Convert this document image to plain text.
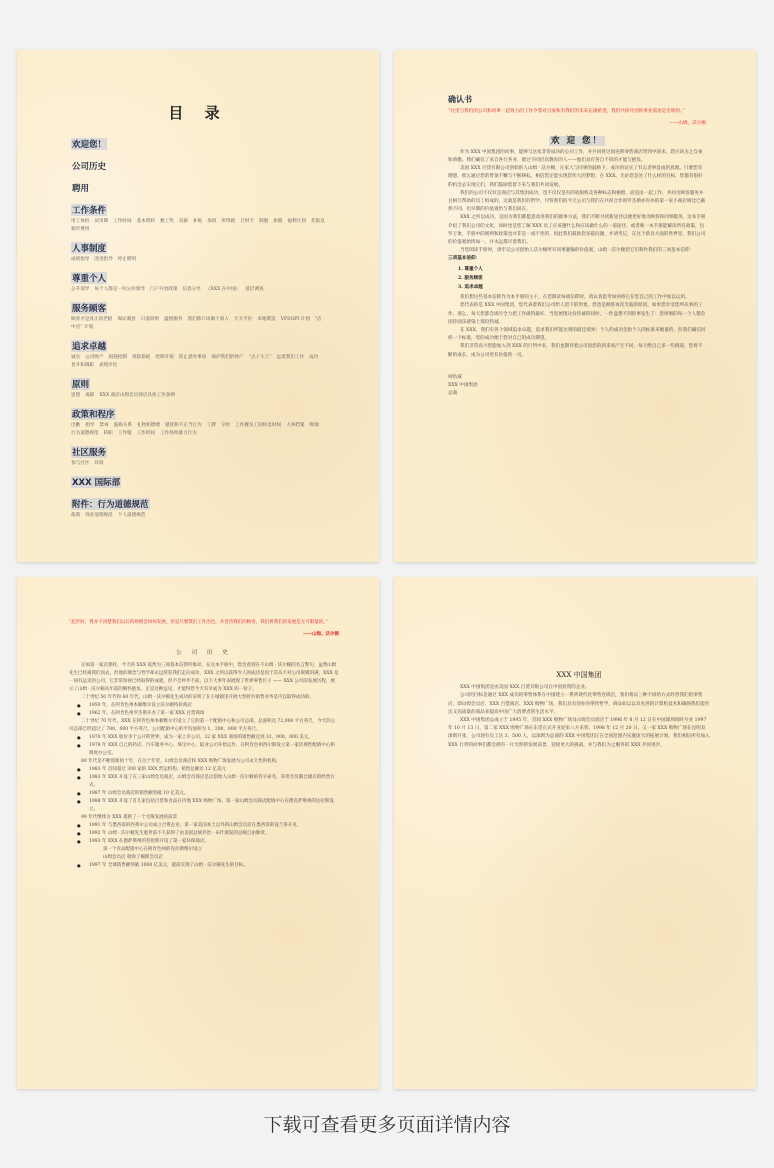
目 录
欢迎您！
公司历史
聘用
工作条件
用工体检 试用期 工作时间 基本资料 数工奖 双薪 补贴 加班 所得税 计时卡 制服 休假 福利计划 差旅及相符费用
人事制度
成绩指导 改进指导 停止聘用
尊重个人
公开领导 每个人都是一份公价领导 门户开放政策 信息分享 《XXX 在中国》 基层调查
服务顾客
顾客才是真正的老板 保证满意 日落原则 盛情服务 我们那只该做个商人 天天平价 本地制造 VPI/GPI 计划 “店中店” 计划
追求卓越
诚实 公司财产 损耗控制 预防损耗 控制开销 防止意外事故 保护我们的财产 “点子大王” 远低我们工作 成功普开和调职 表现评估
原则
思想 离职 XXX 商店山姆会员商店具体工作条例
政策和程序
出勤 指导 禁毒 滋捣关系 礼物和馈赠 骚扰和不正当行为 工牌 守时 工作餐及工间休息时间 人事档案 吸烟行为道德规范 转职 工作服 工作时间 工作场所暴力行为
社区服务
参与社区 环境
XXX 国际部
附件：行为道德规范
政策 商业道德规范 个人道德规范
确认书
“这里与我们的公司和同事一起致力的工作令我对自豪和有我们的未来充满希望，我们共同开创的事业前途是光明的。”
——山姆。沃尔顿
欢 迎 您！

作为 XXX 中国集团的同事，能够与这家非常成功的公司工作，并共同将这间连锁零售商店带到中国来，您应该为之自豪和骄傲。我们确信了来自各行各业，使过不同层次教育的人——他们具有各自不同的才能与抱负。

美国 XXX 百货有限公司创始的人山姆 · 沃尔顿，在家人与同事的鼓励下，成功的证实了有志者事竟成的真理。只要您有理想，那么通过您的带领不懈与不断耕耘，相信您定能实现您伟大的梦想，在 XXX，无论您是处了什么样的目标，您都有很好的机会去实现它们，我们鼓励您留下来与我们共同发展。

我们的公司不仅仅是商店与其集团成功，也不仅仅是有的收银机及各种标志和橱窗，而是由一起工作、共同为顾客服务并且相互帮助的员工组成的，这就是我们的哲学，尽管我们的今天公司与我们在共同合作的罗杰斯亦有亦的第一家小商店相比已截然不同，但早期的价值观仍与我们同在。

XXX 之所以成功，是因为我们都愿意改进我们的做事方法，我们不断寻找新途径以便更好地为顾客和同事服务。这本手册介绍了我们公司的文化，同时也是您了解 XXX 员工应该遵什么和应该做什么的一道途径，或者唯一本手册能解读所有政策，包罗万象，手册中的规则和政策也并非是一成不变的，因此我们鼓励您多提问题，并请考记，在这个新员方面的世界里，我们公司的价值观始终如一，并永远都尽着我们。

当您阅读手册时，请牢记公司创始人沃尔顿所有同事灌输的价值观，山姆 · 沃尔顿把它们称作我们的三项基本信仰：

三项基本信仰：
1. 尊重个人
2. 服务顾客
3. 追求卓越

我们想这些基本信仰作为本手册的主干，在您阅读每项信仰时，请认真思考如何将它在您自己的工作中加以运用。

您代表的是 XXX 中国集团，您代表着我们公司给人留下的形象，您也是顾客再次光临的原因，如果您享受您所从事的工作，那么，每天您都会竭尽全力把工作做得最好，当您展现这份热诚的同时，一件盘想不到的事发生了：您周围的每一个人都会因你而乐感染上那份热诚。

在 XXX，我们有各个领域追求卓越，追求我们所能达到的最佳境界；个人的成功是指个人的标准来衡量的，但我们确信同样一个标准，您的成功便于您对自己的成功期望。

我们非常高兴您能加入到 XXX 的行列中来，我们也期待着公司因您的到来而产生不同，每天给自己多一些挑战，您将不断的成长，成为公司更有价值的一员。

钟浩威
XXX 中国集团
总裁
“起步时，我并不清楚我们以后的规模会如何发展，但是只要我们工作出色，并善待我们的顾客，我们将我们的发展是无可限量的。”
——山姆。沃尔顿
公 司 历 史

正如第一家店那样，今天的 XXX 依然为三项基本信仰所推动，在这本手册中，您会看到在不山姆 · 沃尔顿的名言警句，虽然山姆先生已经离我们而去，但他的理念与哲学却永远常驻我们走向成功，XXX 之所以获得令人的成功是因于其从不对公司规模的满，XXX 是一间有远见的公司，它非常珍视已经取得的成就，但不会停步不前，以下大事年表展现了世界零售巨子 —— XXX 公司的发展历程，展示了山姆 · 沃尔顿从年前的胸怀抱负，正是这种远见，才使得您今天有幸成为 XXX 的一份子。

二十世纪 50 年代和 60 年代，山姆 · 沃尔顿先生成功的证明了在小城镇里开展大型折价销售业务是可以取得成功的。

● 1950 年，在阿肯色州本顿维尔设立沃尔顿特价商店

● 1962 年，在阿肯色州罗杰斯开办了第一家 XXX 百货商场

二十世纪 70 年代，XXX 在阿肯色州本顿维尔市设立了它的第一个配销中心和公司总部，总面积达 72,000 平方英尺，今天的公司总部已经超过了 700，000 平方英尺，公司配销中心的平均面积为 1，200，000 平方英尺。

● 1970 年 XXX 股份争于公开的世界，成为一家上市公司，32 家 XXX 商场的销售额达到 31，000，000 美元。

● 1978 年 XXX 自己的药店、汽车服务中心、珠宝中心，取业公司开始运作，在阿肯色州西尔斯设立第一家区域性配销中心和调度办公室。

80 年代是不断创新的十年，在这个年里，山姆会员商店和 XXX 购物广场发展为公司永久性的机构。

● 1983 年 首间超过 300 家的 XXX 营运机构，销售总额达 12 亿美元

● 1983 年 XXX 开设了在三家山姆会员商店，山姆会员商店是以创始人山姆 · 沃尔顿的名字命名，采用会员制仓储式的经营方式。

● 1987 年 山姆会员商店的销售额突破 10 亿美元。

● 1988 年 XXX 开设了首几家包括百货和食品在内地 XXX 购物广场，第一家山姆会员商店配销中心在德克萨斯州的达拉斯设立。

90 年代继续为 XXX 提供了一个无限发展的前景

● 1991 年 与墨西哥的西弗尔公司成立合资企业，第一家美国本土以外的山姆会员店在墨西哥的设兰哥开业。

● 1992 年 山姆 · 沃尔顿先生逝世前不久获得了由美国总统乔治 · 布什颁发的总统自由勋章。

● 1993 年 XXX 在德萨斯州的普伦斯开设了第一家环保商店。

第一个食品配销中心在阿肯色州的克拉斯维尔设立

山姆会员店 收购了佩斯会员店

● 1997 年 全球销售额突破 1000 亿美元，提前实现了山姆 · 沃尔顿先生的目标。

XXX 中国集团

XXX 中国集团是由美国 XXX 百货有限公司在中国投资的企业。

公司的目标是通过 XXX 成功的零售体系在中国建立一系列现代化零售连锁店，我们将以三种不同的方式经营我们的零售店，即山姆会员店、XXX 百货商店、XXX 购物广场，我们具有创业的零售哲学，商品如以以及先进的计算机技术和确保我们能作出又高质量的商品来提高中国广大消费者的生活水平。

XXX 中国集团总成立于 1995 年，首间 XXX 购物广场及山姆会员商店于 1996 年 8 月 12 日在中国深圳同时开业 1997 年 10 月 13 日，第二家 XXX 购物广场在东莞正式开业迎来八方来客，1998 年 12 月 20 日，又一家 XXX 购物广场在昆明及深圳开张，公司现有员工达 3，500 人，以深圳为总部的 XXX 中国集团正在全国范围内实施庞大的拓展计划，我们相信所有加入 XXX 行列的同事们都会拥有一片光明的发展前景，迎接更大的挑战，并与我们为之服务的 XXX 共同进步。

下载可查看更多页面详情内容
